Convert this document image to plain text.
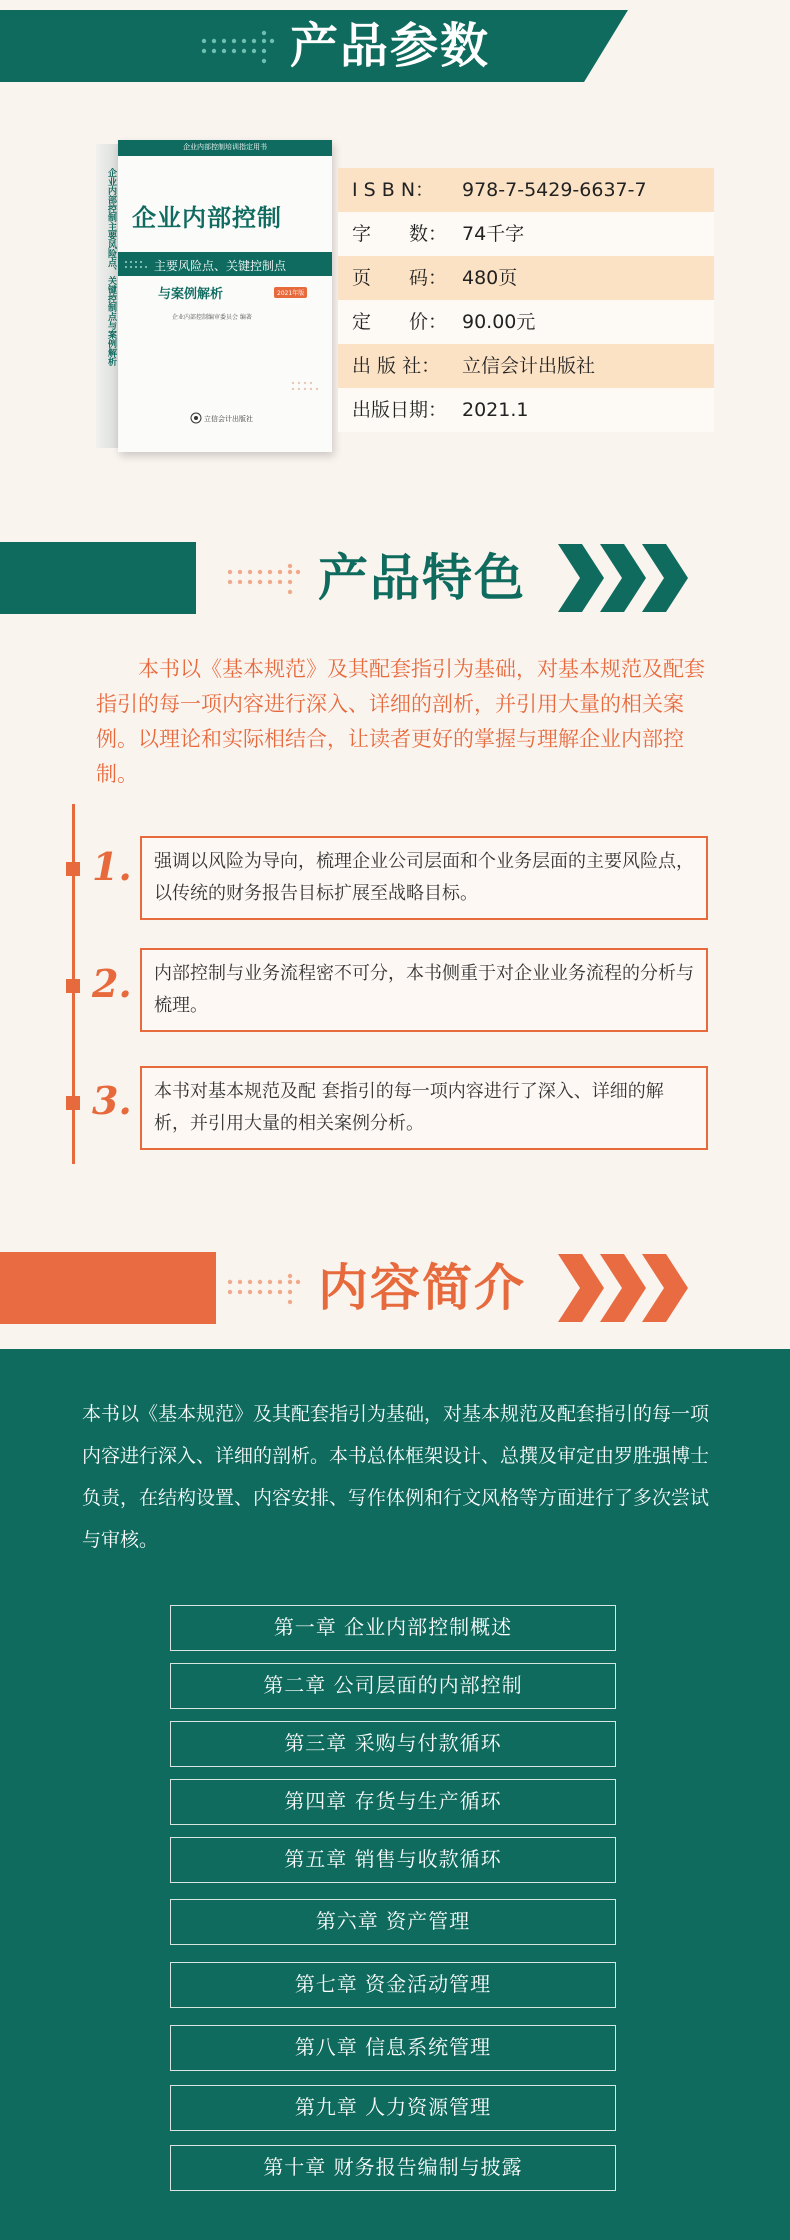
产品参数
企业内部控制主要风险点、关键控制点与案例解析
企业内部控制培训指定用书
企业内部控制
主要风险点、关键控制点
与案例解析	2021年版
企业内部控制编审委员会 编著
立信会计出版社
I S B N： 978-7-5429-6637-7
字　　数： 74千字
页　　码： 480页
定　　价： 90.00元
出 版 社： 立信会计出版社
出版日期： 2021.1
产品特色
本书以《基本规范》及其配套指引为基础，对基本规范及配套指引的每一项内容进行深入、详细的剖析，并引用大量的相关案例。以理论和实际相结合，让读者更好的掌握与理解企业内部控制。
1.	强调以风险为导向，梳理企业公司层面和个业务层面的主要风险点，以传统的财务报告目标扩展至战略目标。
2.	内部控制与业务流程密不可分，本书侧重于对企业业务流程的分析与梳理。
3.	本书对基本规范及配 套指引的每一项内容进行了深入、详细的解析，并引用大量的相关案例分析。
内容简介
本书以《基本规范》及其配套指引为基础，对基本规范及配套指引的每一项内容进行深入、详细的剖析。本书总体框架设计、总撰及审定由罗胜强博士负责，在结构设置、内容安排、写作体例和行文风格等方面进行了多次尝试与审核。
第一章 企业内部控制概述
第二章 公司层面的内部控制
第三章 采购与付款循环
第四章 存货与生产循环
第五章 销售与收款循环
第六章 资产管理
第七章 资金活动管理
第八章 信息系统管理
第九章 人力资源管理
第十章 财务报告编制与披露
